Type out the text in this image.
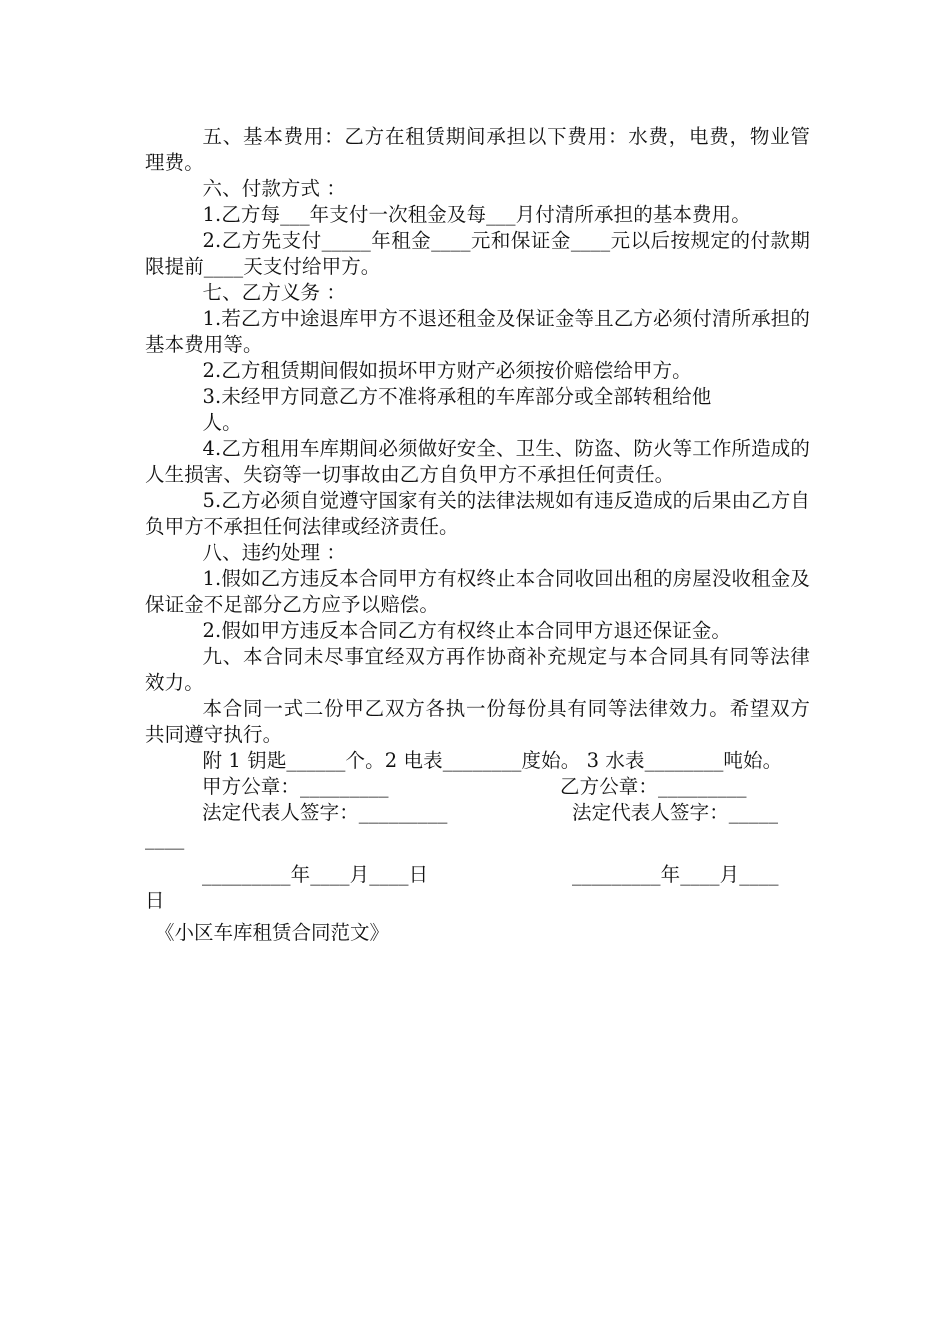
五、基本费用：乙方在租赁期间承担以下费用：水费，电费，物业管理费。

六、付款方式 ：

1.乙方每___年支付一次租金及每___月付清所承担的基本费用。

2.乙方先支付_____年租金____元和保证金____元以后按规定的付款期限提前____天支付给甲方。

七、乙方义务 ：

1.若乙方中途退库甲方不退还租金及保证金等且乙方必须付清所承担的基本费用等。

2.乙方租赁期间假如损坏甲方财产必须按价赔偿给甲方。

3.未经甲方同意乙方不准将承租的车库部分或全部转租给他

人。

4.乙方租用车库期间必须做好安全、卫生、防盗、防火等工作所造成的人生损害、失窃等一切事故由乙方自负甲方不承担任何责任。

5.乙方必须自觉遵守国家有关的法律法规如有违反造成的后果由乙方自负甲方不承担任何法律或经济责任。

八、违约处理 ：

1.假如乙方违反本合同甲方有权终止本合同收回出租的房屋没收租金及保证金不足部分乙方应予以赔偿。

2.假如甲方违反本合同乙方有权终止本合同甲方退还保证金。

九、本合同未尽事宜经双方再作协商补充规定与本合同具有同等法律效力。

本合同一式二份甲乙双方各执一份每份具有同等法律效力。希望双方共同遵守执行。

附 1 钥匙______个。2 电表________度始。 3 水表________吨始。

甲方公章：_________	乙方公章：_________
法定代表人签字：_________	法定代表人签字：_____
____
_________年____月____日	_________年____月____
日
《小区车库租赁合同范文》
